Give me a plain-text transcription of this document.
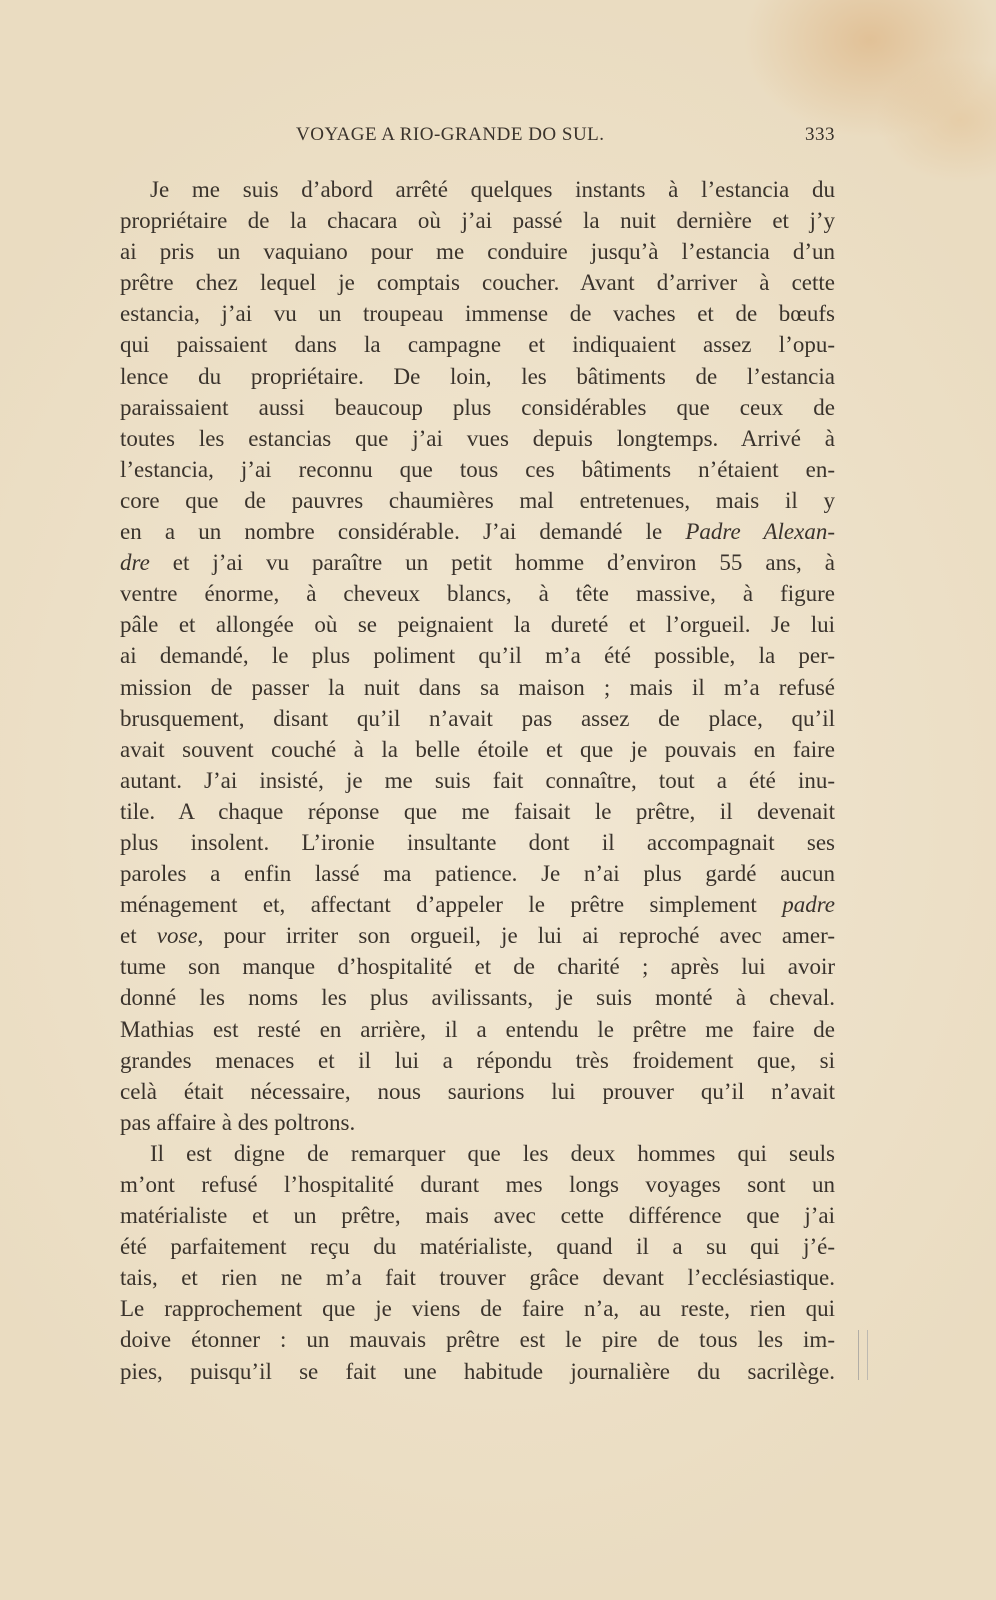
VOYAGE A RIO-GRANDE DO SUL.	333
Je me suis d’abord arrêté quelques instants à l’estancia du
propriétaire de la chacara où j’ai passé la nuit dernière et j’y
ai pris un vaquiano pour me conduire jusqu’à l’estancia d’un
prêtre chez lequel je comptais coucher. Avant d’arriver à cette
estancia, j’ai vu un troupeau immense de vaches et de bœufs
qui paissaient dans la campagne et indiquaient assez l’opu-
lence du propriétaire. De loin, les bâtiments de l’estancia
paraissaient aussi beaucoup plus considérables que ceux de
toutes les estancias que j’ai vues depuis longtemps. Arrivé à
l’estancia, j’ai reconnu que tous ces bâtiments n’étaient en-
core que de pauvres chaumières mal entretenues, mais il y
en a un nombre considérable. J’ai demandé le Padre Alexan-
dre et j’ai vu paraître un petit homme d’environ 55 ans, à
ventre énorme, à cheveux blancs, à tête massive, à figure
pâle et allongée où se peignaient la dureté et l’orgueil. Je lui
ai demandé, le plus poliment qu’il m’a été possible, la per-
mission de passer la nuit dans sa maison ; mais il m’a refusé
brusquement, disant qu’il n’avait pas assez de place, qu’il
avait souvent couché à la belle étoile et que je pouvais en faire
autant. J’ai insisté, je me suis fait connaître, tout a été inu-
tile. A chaque réponse que me faisait le prêtre, il devenait
plus insolent. L’ironie insultante dont il accompagnait ses
paroles a enfin lassé ma patience. Je n’ai plus gardé aucun
ménagement et, affectant d’appeler le prêtre simplement padre
et vose, pour irriter son orgueil, je lui ai reproché avec amer-
tume son manque d’hospitalité et de charité ; après lui avoir
donné les noms les plus avilissants, je suis monté à cheval.
Mathias est resté en arrière, il a entendu le prêtre me faire de
grandes menaces et il lui a répondu très froidement que, si
celà était nécessaire, nous saurions lui prouver qu’il n’avait
pas affaire à des poltrons.
Il est digne de remarquer que les deux hommes qui seuls
m’ont refusé l’hospitalité durant mes longs voyages sont un
matérialiste et un prêtre, mais avec cette différence que j’ai
été parfaitement reçu du matérialiste, quand il a su qui j’é-
tais, et rien ne m’a fait trouver grâce devant l’ecclésiastique.
Le rapprochement que je viens de faire n’a, au reste, rien qui
doive étonner : un mauvais prêtre est le pire de tous les im-
pies, puisqu’il se fait une habitude journalière du sacrilège.
